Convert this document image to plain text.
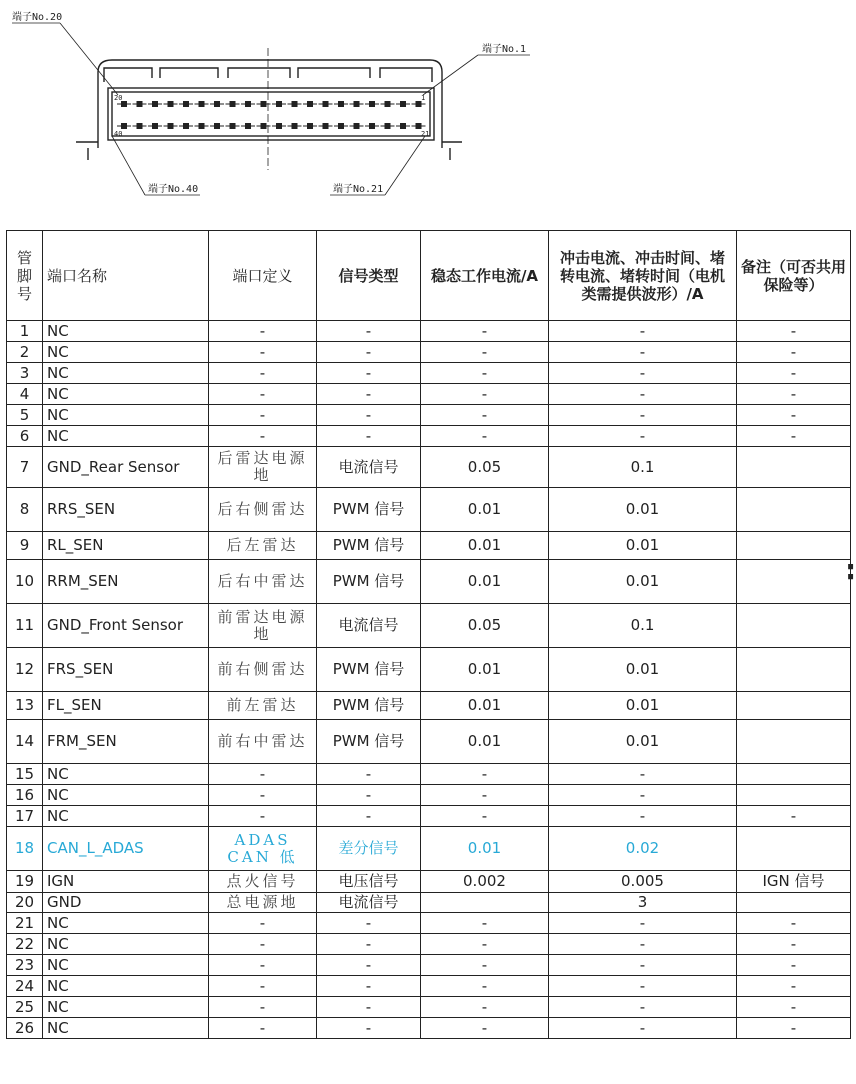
端子No.20
端子No.1
端子No.40	端子No.21
20	1
40	21
管脚号	端口名称	端口定义	信号类型	稳态工作电流/A	冲击电流、冲击时间、堵转电流、堵转时间（电机类需提供波形）/A	备注（可否共用保险等）
1	NC	-	-	-	-	-
2	NC	-	-	-	-	-
3	NC	-	-	-	-	-
4	NC	-	-	-	-	-
5	NC	-	-	-	-	-
6	NC	-	-	-	-	-
7	GND_Rear Sensor	后雷达电源地	电流信号	0.05	0.1	
8	RRS_SEN	后右侧雷达	PWM 信号	0.01	0.01	
9	RL_SEN	后左雷达	PWM 信号	0.01	0.01	
10	RRM_SEN	后右中雷达	PWM 信号	0.01	0.01	
11	GND_Front Sensor	前雷达电源地	电流信号	0.05	0.1	
12	FRS_SEN	前右侧雷达	PWM 信号	0.01	0.01	
13	FL_SEN	前左雷达	PWM 信号	0.01	0.01	
14	FRM_SEN	前右中雷达	PWM 信号	0.01	0.01	
15	NC	-	-	-	-	
16	NC	-	-	-	-	
17	NC	-	-	-	-	-
18	CAN_L_ADAS	ADAS CAN 低	差分信号	0.01	0.02	
19	IGN	点火信号	电压信号	0.002	0.005	IGN 信号
20	GND	总电源地	电流信号		3	
21	NC	-	-	-	-	-
22	NC	-	-	-	-	-
23	NC	-	-	-	-	-
24	NC	-	-	-	-	-
25	NC	-	-	-	-	-
26	NC	-	-	-	-	-
:
